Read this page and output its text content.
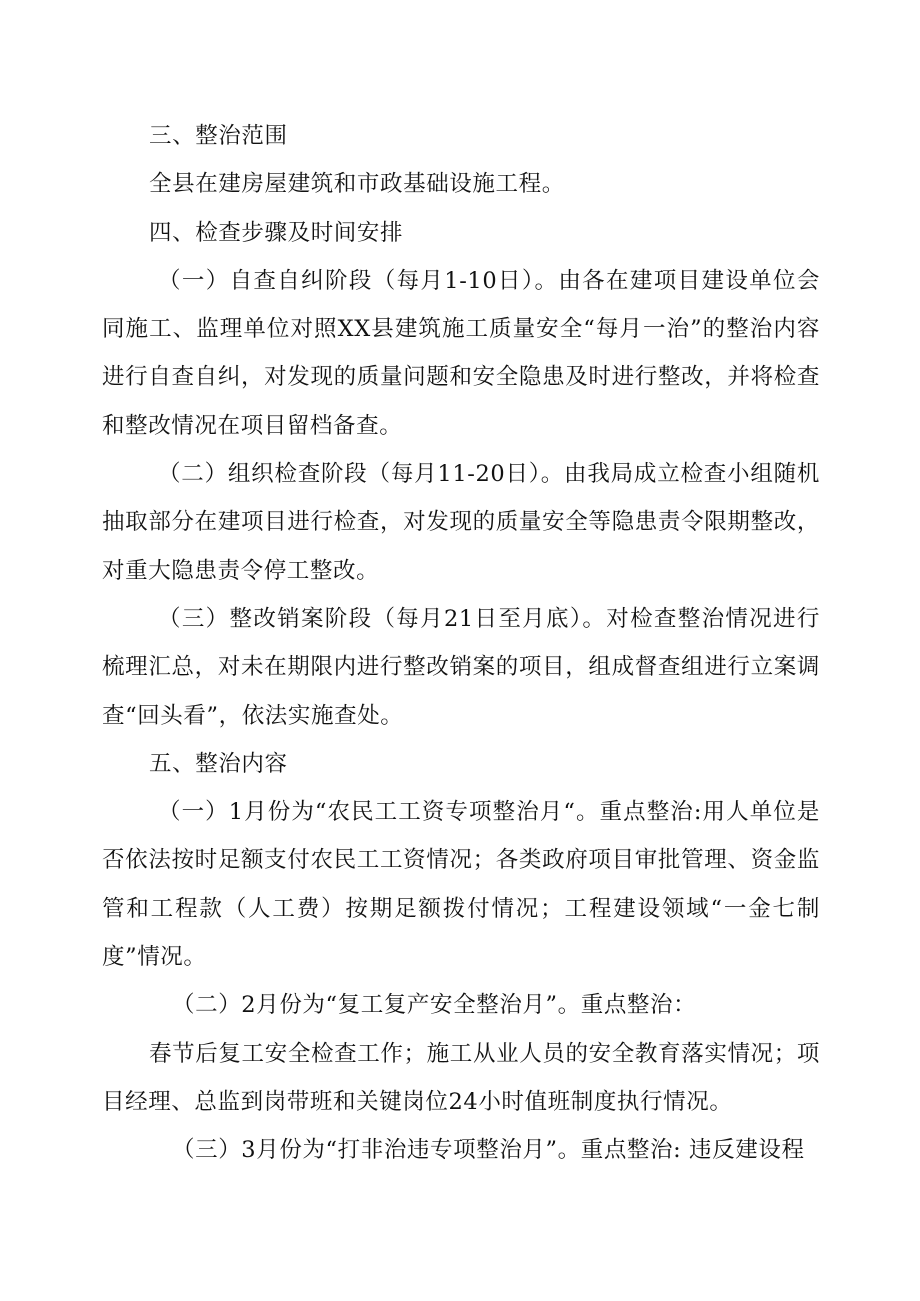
三、整治范围

全县在建房屋建筑和市政基础设施工程。

四、检查步骤及时间安排

（一）自查自纠阶段（每月1-10日）。由各在建项目建设单位会同施工、监理单位对照XX县建筑施工质量安全“每月一治”的整治内容进行自查自纠，对发现的质量问题和安全隐患及时进行整改，并将检查和整改情况在项目留档备查。

（二）组织检查阶段（每月11-20日）。由我局成立检查小组随机抽取部分在建项目进行检查，对发现的质量安全等隐患责令限期整改，对重大隐患责令停工整改。

（三）整改销案阶段（每月21日至月底）。对检查整治情况进行梳理汇总，对未在期限内进行整改销案的项目，组成督查组进行立案调查“回头看”，依法实施查处。

五、整治内容

（一）1月份为“农民工工资专项整治月“。重点整治:用人单位是否依法按时足额支付农民工工资情况；各类政府项目审批管理、资金监管和工程款（人工费）按期足额拨付情况；工程建设领域“一金七制度”情况。

（二）2月份为“复工复产安全整治月”。重点整治：

春节后复工安全检查工作；施工从业人员的安全教育落实情况；项目经理、总监到岗带班和关键岗位24小时值班制度执行情况。

（三）3月份为“打非治违专项整治月”。重点整治: 违反建设程
